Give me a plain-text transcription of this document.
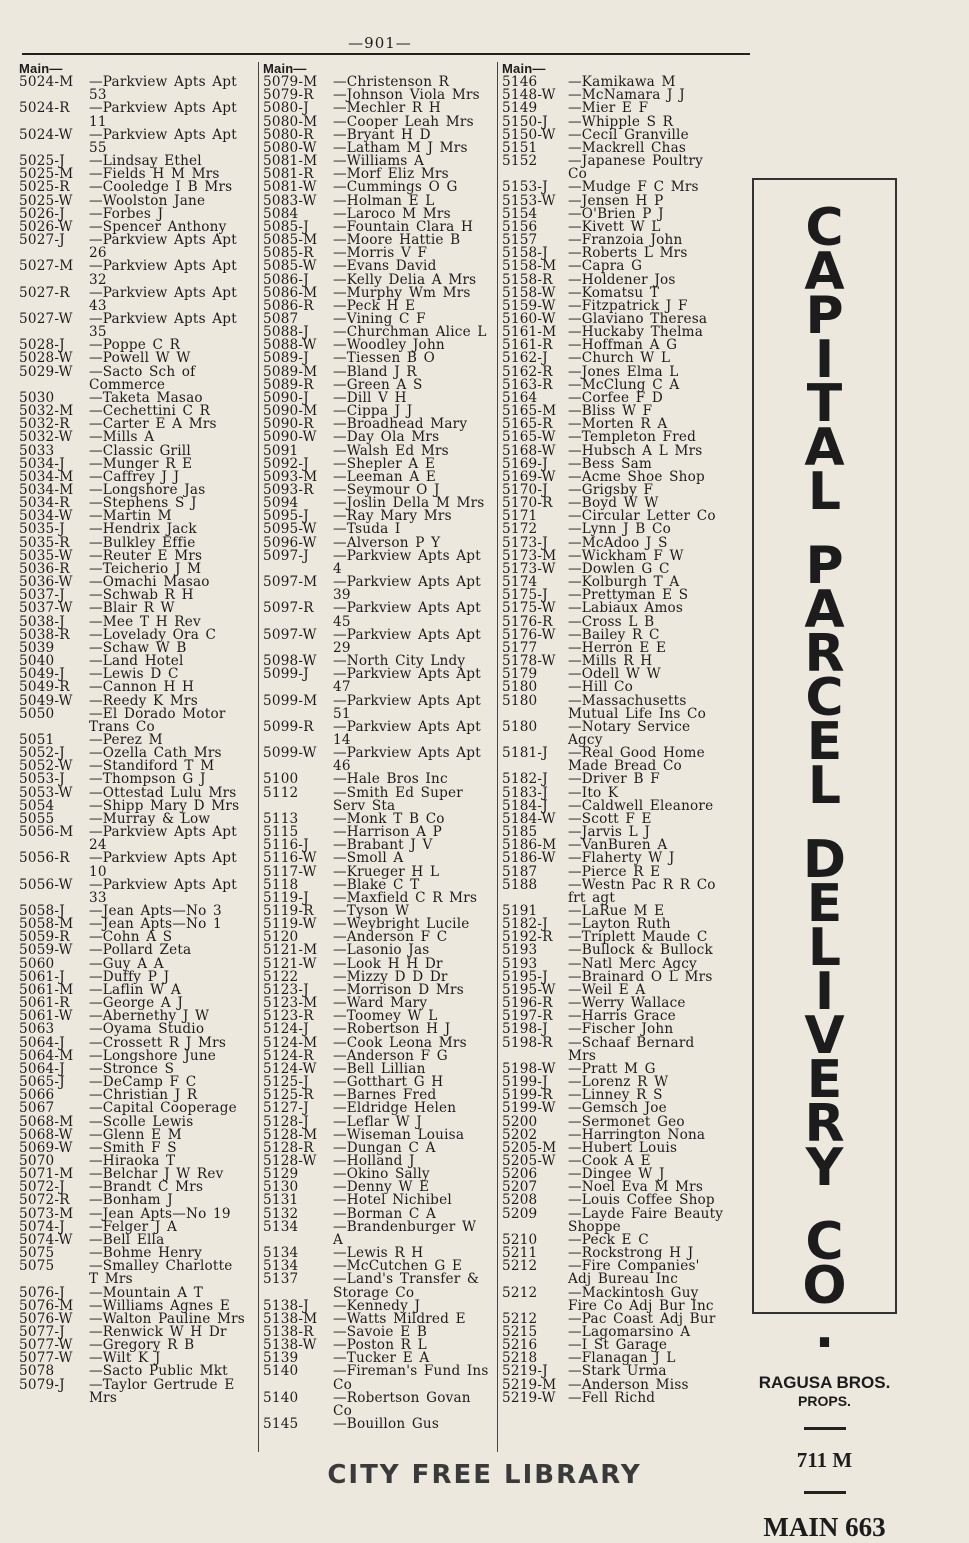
—901—
Main—
5024-M	—Parkview Apts Apt 53
5024-R	—Parkview Apts Apt 11
5024-W	—Parkview Apts Apt 55
5025-J	—Lindsay Ethel
5025-M	—Fields H M Mrs
5025-R	—Cooledge I B Mrs
5025-W	—Woolston Jane
5026-J	—Forbes J
5026-W	—Spencer Anthony
5027-J	—Parkview Apts Apt 26
5027-M	—Parkview Apts Apt 32
5027-R	—Parkview Apts Apt 43
5027-W	—Parkview Apts Apt 35
5028-J	—Poppe C R
5028-W	—Powell W W
5029-W	—Sacto Sch of Commerce
5030	—Taketa Masao
5032-M	—Cechettini C R
5032-R	—Carter E A Mrs
5032-W	—Mills A
5033	—Classic Grill
5034-J	—Munger R E
5034-M	—Caffrey J J
5034-M	—Longshore Jas
5034-R	—Stephens S J
5034-W	—Martin M
5035-J	—Hendrix Jack
5035-R	—Bulkley Effie
5035-W	—Reuter E Mrs
5036-R	—Teicherio J M
5036-W	—Omachi Masao
5037-J	—Schwab R H
5037-W	—Blair R W
5038-J	—Mee T H Rev
5038-R	—Lovelady Ora C
5039	—Schaw W B
5040	—Land Hotel
5049-J	—Lewis D C
5049-R	—Cannon H H
5049-W	—Reedy K Mrs
5050	—El Dorado Motor Trans Co
5051	—Perez M
5052-J	—Ozella Cath Mrs
5052-W	—Standiford T M
5053-J	—Thompson G J
5053-W	—Ottestad Lulu Mrs
5054	—Shipp Mary D Mrs
5055	—Murray & Low
5056-M	—Parkview Apts Apt 24
5056-R	—Parkview Apts Apt 10
5056-W	—Parkview Apts Apt 33
5058-J	—Jean Apts—No 3
5058-M	—Jean Apts—No 1
5059-R	—Cohn A S
5059-W	—Pollard Zeta
5060	—Guy A A
5061-J	—Duffy P J
5061-M	—Laflin W A
5061-R	—George A J
5061-W	—Abernethy J W
5063	—Oyama Studio
5064-J	—Crossett R J Mrs
5064-M	—Longshore June
5064-J	—Stronce S
5065-J	—DeCamp F C
5066	—Christian J R
5067	—Capital Cooperage
5068-M	—Scolle Lewis
5068-W	—Glenn E M
5069-W	—Smith F S
5070	—Hiraoka T
5071-M	—Belchar J W Rev
5072-J	—Brandt C Mrs
5072-R	—Bonham J
5073-M	—Jean Apts—No 19
5074-J	—Felger J A
5074-W	—Bell Ella
5075	—Bohme Henry
5075	—Smalley Charlotte T Mrs
5076-J	—Mountain A T
5076-M	—Williams Agnes E
5076-W	—Walton Pauline Mrs
5077-J	—Renwick W H Dr
5077-W	—Gregory R B
5077-W	—Wilt K J
5078	—Sacto Public Mkt
5079-J	—Taylor Gertrude E Mrs
Main—
5079-M	—Christenson R
5079-R	—Johnson Viola Mrs
5080-J	—Mechler R H
5080-M	—Cooper Leah Mrs
5080-R	—Bryant H D
5080-W	—Latham M J Mrs
5081-M	—Williams A
5081-R	—Morf Eliz Mrs
5081-W	—Cummings O G
5083-W	—Holman E L
5084	—Laroco M Mrs
5085-J	—Fountain Clara H
5085-M	—Moore Hattie B
5085-R	—Morris V F
5085-W	—Evans David
5086-J	—Kelly Delia A Mrs
5086-M	—Murphy Wm Mrs
5086-R	—Peck H E
5087	—Vining C F
5088-J	—Churchman Alice L
5088-W	—Woodley John
5089-J	—Tiessen B O
5089-M	—Bland J R
5089-R	—Green A S
5090-J	—Dill V H
5090-M	—Cippa J J
5090-R	—Broadhead Mary
5090-W	—Day Ola Mrs
5091	—Walsh Ed Mrs
5092-J	—Shepler A E
5093-M	—Leeman A E
5093-R	—Seymour O J
5094	—Joslin Della M Mrs
5095-J	—Ray Mary Mrs
5095-W	—Tsuda I
5096-W	—Alverson P Y
5097-J	—Parkview Apts Apt 4
5097-M	—Parkview Apts Apt 39
5097-R	—Parkview Apts Apt 45
5097-W	—Parkview Apts Apt 29
5098-W	—North City Lndy
5099-J	—Parkview Apts Apt 47
5099-M	—Parkview Apts Apt 51
5099-R	—Parkview Apts Apt 14
5099-W	—Parkview Apts Apt 46
5100	—Hale Bros Inc
5112	—Smith Ed Super Serv Sta
5113	—Monk T B Co
5115	—Harrison A P
5116-J	—Brabant J V
5116-W	—Smoll A
5117-W	—Krueger H L
5118	—Blake C T
5119-J	—Maxfield C R Mrs
5119-R	—Tyson W
5119-W	—Weybright Lucile
5120	—Anderson F C
5121-M	—Lasonio Jas
5121-W	—Look H H Dr
5122	—Mizzy D D Dr
5123-J	—Morrison D Mrs
5123-M	—Ward Mary
5123-R	—Toomey W L
5124-J	—Robertson H J
5124-M	—Cook Leona Mrs
5124-R	—Anderson F G
5124-W	—Bell Lillian
5125-J	—Gotthart G H
5125-R	—Barnes Fred
5127-J	—Eldridge Helen
5128-J	—Leflar W J
5128-M	—Wiseman Louisa
5128-R	—Dungan C A
5128-W	—Holland J
5129	—Okino Sally
5130	—Denny W E
5131	—Hotel Nichibel
5132	—Borman C A
5134	—Brandenburger W A
5134	—Lewis R H
5134	—McCutchen G E
5137	—Land's Transfer & Storage Co
5138-J	—Kennedy J
5138-M	—Watts Mildred E
5138-R	—Savoie E B
5138-W	—Poston R L
5139	—Tucker E A
5140	—Fireman's Fund Ins Co
5140	—Robertson Govan Co
5145	—Bouillon Gus
Main—
5146	—Kamikawa M
5148-W —McNamara J J
5149	—Mier E F
5150-J	—Whipple S R
5150-W —Cecil Granville
5151	—Mackrell Chas
5152	—Japanese Poultry Co
5153-J	—Mudge F C Mrs
5153-W —Jensen H P
5154	—O'Brien P J
5156	—Kivett W L
5157	—Franzoia John
5158-J	—Roberts L Mrs
5158-M —Capra G
5158-R	—Holdener Jos
5158-W —Komatsu T
5159-W —Fitzpatrick J F
5160-W —Glaviano Theresa
5161-M —Huckaby Thelma
5161-R	—Hoffman A G
5162-J	—Church W L
5162-R	—Jones Elma L
5163-R	—McClung C A
5164	—Corfee F D
5165-M —Bliss W F
5165-R	—Morten R A
5165-W —Templeton Fred
5168-W —Hubsch A L Mrs
5169-J	—Bess Sam
5169-W —Acme Shoe Shop
5170-J	—Grigsby F
5170-R	—Boyd W W
5171	—Circular Letter Co
5172	—Lynn J B Co
5173-J	—McAdoo J S
5173-M —Wickham F W
5173-W —Dowlen G C
5174	—Kolburgh T A
5175-J	—Prettyman E S
5175-W —Labiaux Amos
5176-R	—Cross L B
5176-W —Bailey R C
5177	—Herron E E
5178-W —Mills R H
5179	—Odell W W
5180	—Hill Co
5180	—Massachusetts Mutual Life Ins Co
5180	—Notary Service Agcy
5181-J	—Real Good Home Made Bread Co
5182-J	—Driver B F
5183-J	—Ito K
5184-J	—Caldwell Eleanore
5184-W —Scott F E
5185	—Jarvis L J
5186-M —VanBuren A
5186-W —Flaherty W J
5187	—Pierce R E
5188	—Westn Pac R R Co frt agt
5191	—LaRue M E
5182-J	—Layton Ruth
5192-R	—Triplett Maude C
5193	—Bullock & Bullock
5193	—Natl Merc Agcy
5195-J	—Brainard O L Mrs
5195-W —Weil E A
5196-R	—Werry Wallace
5197-R	—Harris Grace
5198-J	—Fischer John
5198-R	—Schaaf Bernard Mrs
5198-W —Pratt M G
5199-J	—Lorenz R W
5199-R	—Linney R S
5199-W —Gemsch Joe
5200	—Sermonet Geo
5202	—Harrington Nona
5205-M —Hubert Louis
5205-W —Cook A E
5206	—Dingee W J
5207	—Noel Eva M Mrs
5208	—Louis Coffee Shop
5209	—Layde Faire Beauty Shoppe
5210	—Peck E C
5211	—Rockstrong H J
5212	—Fire Companies' Adj Bureau Inc
5212	—Mackintosh Guy Fire Co Adj Bur Inc
5212	—Pac Coast Adj Bur
5215	—Lagomarsino A
5216	—I St Garage
5218	—Flanagan J L
5219-J	—Stark Urma
5219-M —Anderson Miss
5219-W —Fell Richd
C
A
P
I
T
A
L
P
A
R
C
E
L
D
E
L
I
V
E
R
Y
C
O
.
RAGUSA BROS.
PROPS.
711 M
MAIN 663
CITY FREE LIBRARY
